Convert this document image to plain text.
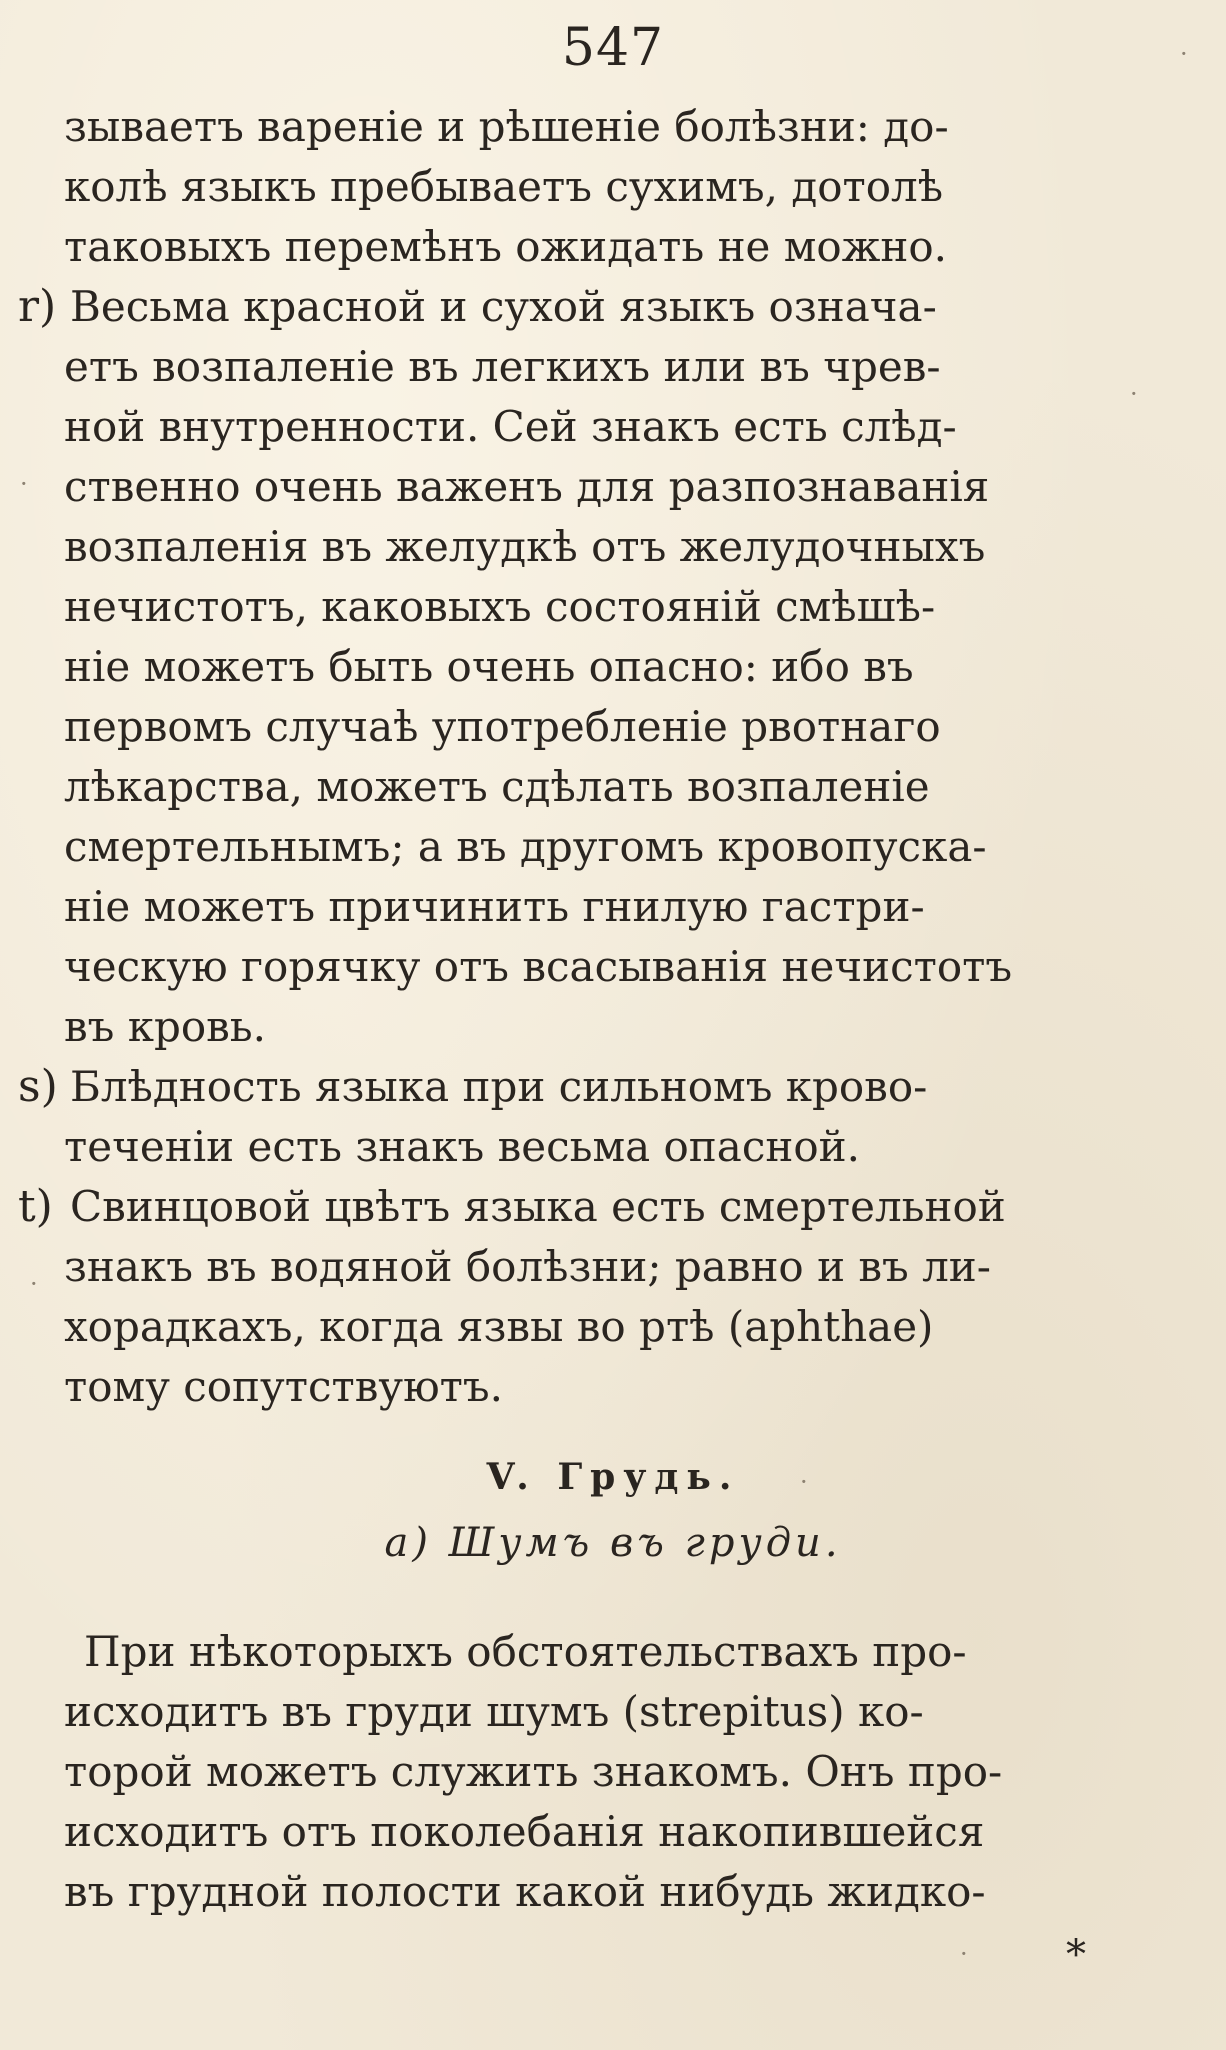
547
зываетъ вареніе и рѣшеніе болѣзни: до-
колѣ языкъ пребываетъ сухимъ, дотолѣ
таковыхъ перемѣнъ ожидать не можно.
r) Весьма красной и сухой языкъ означа-
етъ возпаленіе въ легкихъ или въ чрев-
ной внутренности. Сей знакъ есть слѣд-
ственно очень важенъ для разпознаванія
возпаленія въ желудкѣ отъ желудочныхъ
нечистотъ, каковыхъ состояній смѣшѣ-
ніе можетъ быть очень опасно: ибо въ
первомъ случаѣ употребленіе рвотнаго
лѣкарства, можетъ сдѣлать возпаленіе
смертельнымъ; а въ другомъ кровопуска-
ніе можетъ причинить гнилую гастри-
ческую горячку отъ всасыванія нечистотъ
въ кровь.
s) Блѣдность языка при сильномъ крово-
теченіи есть знакъ весьма опасной.
t) Свинцовой цвѣтъ языка есть смертельной
знакъ въ водяной болѣзни; равно и въ ли-
хорадкахъ, когда язвы во ртѣ (aphthae)
тому сопутствуютъ.
V. Грудь.
а) Шумъ въ груди.
При нѣкоторыхъ обстоятельствахъ про-
исходитъ въ груди шумъ (strepitus) ко-
торой можетъ служить знакомъ. Онъ про-
исходитъ отъ поколебанія накопившейся
въ грудной полости какой нибудь жидко-
*
·
·
·
·
·
·
